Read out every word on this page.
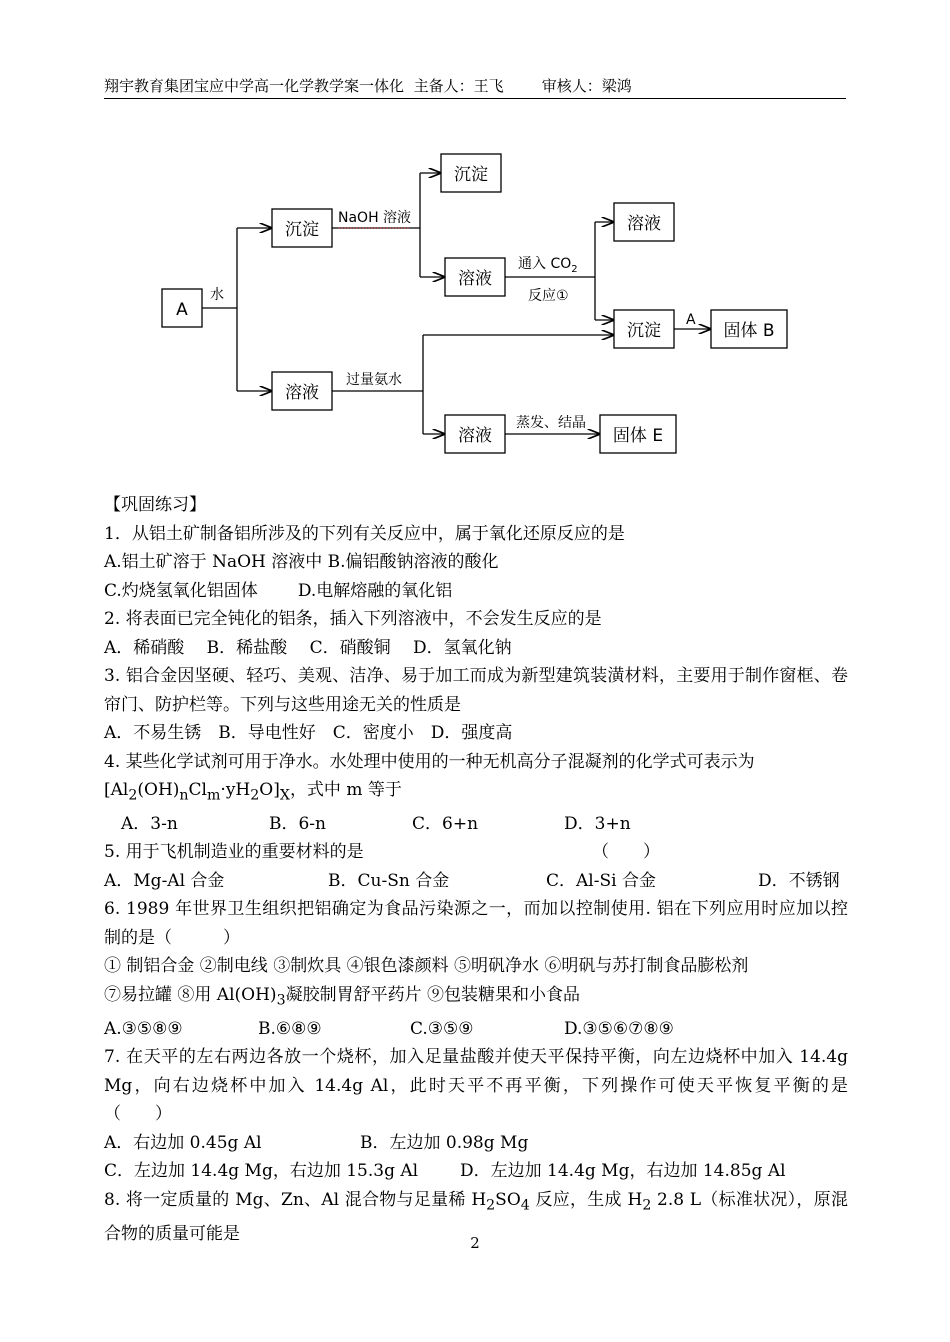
翔宇教育集团宝应中学高一化学教学案一体化 主备人：王飞	审核人：梁鸿
A
沉淀
沉淀
溶液
溶液
沉淀	固体 B
溶液
溶液	固体 E
水
NaOH 溶液
通入 $CO_2$
反应①
A
过量氨水
蒸发、结晶

【巩固练习】

1．从铝土矿制备铝所涉及的下列有关反应中，属于氧化还原反应的是

A.铝土矿溶于 NaOH 溶液中 B.偏铝酸钠溶液的酸化

C.灼烧氢氧化铝固体 D.电解熔融的氧化铝

2. 将表面已完全钝化的铝条，插入下列溶液中，不会发生反应的是

A．稀硝酸　 B．稀盐酸　 C．硝酸铜　 D．氢氧化钠

3. 铝合金因坚硬、轻巧、美观、洁净、易于加工而成为新型建筑装潢材料，主要用于制作窗框、卷帘门、防护栏等。下列与这些用途无关的性质是

A．不易生锈　B．导电性好　C．密度小　D．强度高

4. 某些化学试剂可用于净水。水处理中使用的一种无机高分子混凝剂的化学式可表示为

$[Al_2(OH)_nCl_m\cdot yH_2O]_X$，式中 m 等于

A．3-n	B．6-n	C．6+n	D．3+n

5. 用于飞机制造业的重要材料的是	（　　）

A．Mg-Al 合金	B．Cu-Sn 合金	C．Al-Si 合金	D．不锈钢

6. 1989 年世界卫生组织把铝确定为食品污染源之一，而加以控制使用. 铝在下列应用时应加以控制的是（　　　）

① 制铝合金 ②制电线 ③制炊具 ④银色漆颜料 ⑤明矾净水 ⑥明矾与苏打制食品膨松剂

⑦易拉罐 ⑧用 $Al(OH)_3$凝胶制胃舒平药片 ⑨包装糖果和小食品

A.③⑤⑧⑨	B.⑥⑧⑨	C.③⑤⑨	D.③⑤⑥⑦⑧⑨

7. 在天平的左右两边各放一个烧杯，加入足量盐酸并使天平保持平衡，向左边烧杯中加入 14.4g Mg，向右边烧杯中加入 14.4g Al，此时天平不再平衡，下列操作可使天平恢复平衡的是　　　（　　）

A．右边加 0.45g Al	B．左边加 0.98g Mg

C．左边加 14.4g Mg，右边加 15.3g Al D．左边加 14.4g Mg，右边加 14.85g Al

8. 将一定质量的 Mg、Zn、Al 混合物与足量稀 $H_2SO_4$ 反应，生成 $H_2$ 2.8 L（标准状况），原混合物的质量可能是	2
